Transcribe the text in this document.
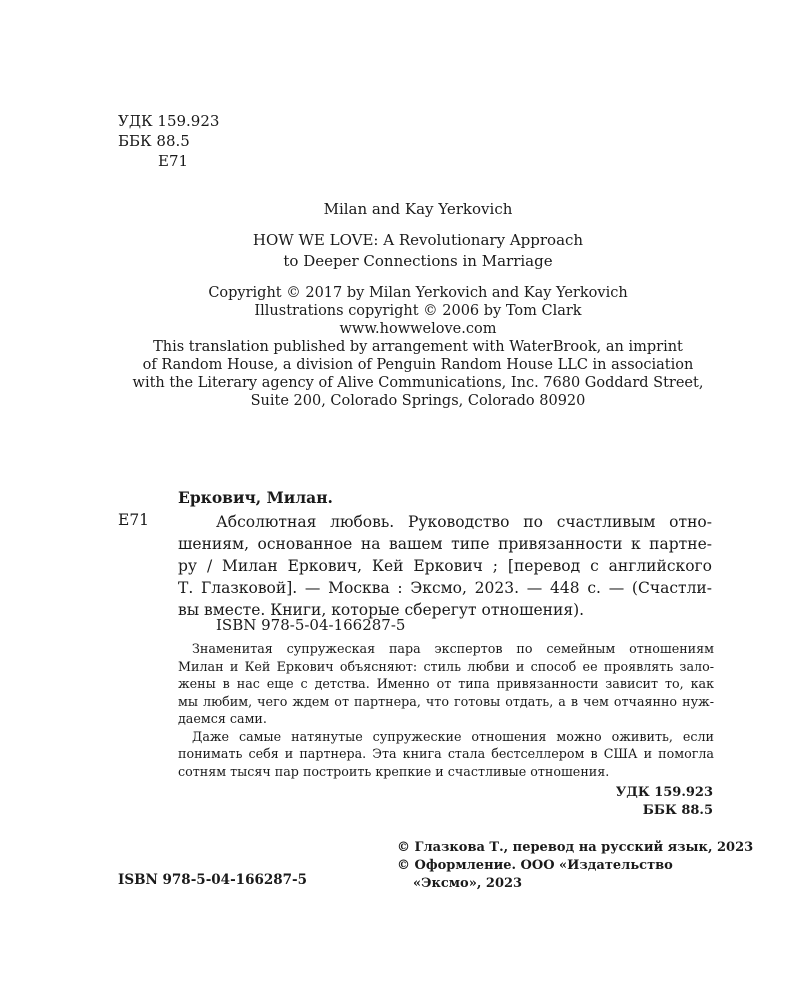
УДК 159.923
ББК 88.5
Е71
Milan and Kay Yerkovich
HOW WE LOVE: A Revolutionary Approach
to Deeper Connections in Marriage
Copyright © 2017 by Milan Yerkovich and Kay Yerkovich
Illustrations copyright © 2006 by Tom Clark
www.howwelove.com
This translation published by arrangement with WaterBrook, an imprint
of Random House, a division of Penguin Random House LLC in association
with the Literary agency of Alive Communications, Inc. 7680 Goddard Street,
Suite 200, Colorado Springs, Colorado 80920
Еркович, Милан.
Е71	Абсолютная любовь. Руководство по счастливым отно-
шениям, основанное на вашем типе привязанности к партне-
ру / Милан Еркович, Кей Еркович ; [перевод с английского
Т. Глазковой]. — Москва : Эксмо, 2023. — 448 с. — (Счастли-
вы вместе. Книги, которые сберегут отношения).
ISBN 978-5-04-166287-5
Знаменитая супружеская пара экспертов по семейным отношениям
Милан и Кей Еркович объясняют: стиль любви и способ ее проявлять зало-
жены в нас еще с детства. Именно от типа привязанности зависит то, как
мы любим, чего ждем от партнера, что готовы отдать, а в чем отчаянно нуж-
даемся сами.
Даже самые натянутые супружеские отношения можно оживить, если
понимать себя и партнера. Эта книга стала бестселлером в США и помогла
сотням тысяч пар построить крепкие и счастливые отношения.
УДК 159.923
ББК 88.5
© Глазкова Т., перевод на русский язык, 2023
© Оформление. ООО «Издательство
«Эксмо», 2023
ISBN 978-5-04-166287-5
